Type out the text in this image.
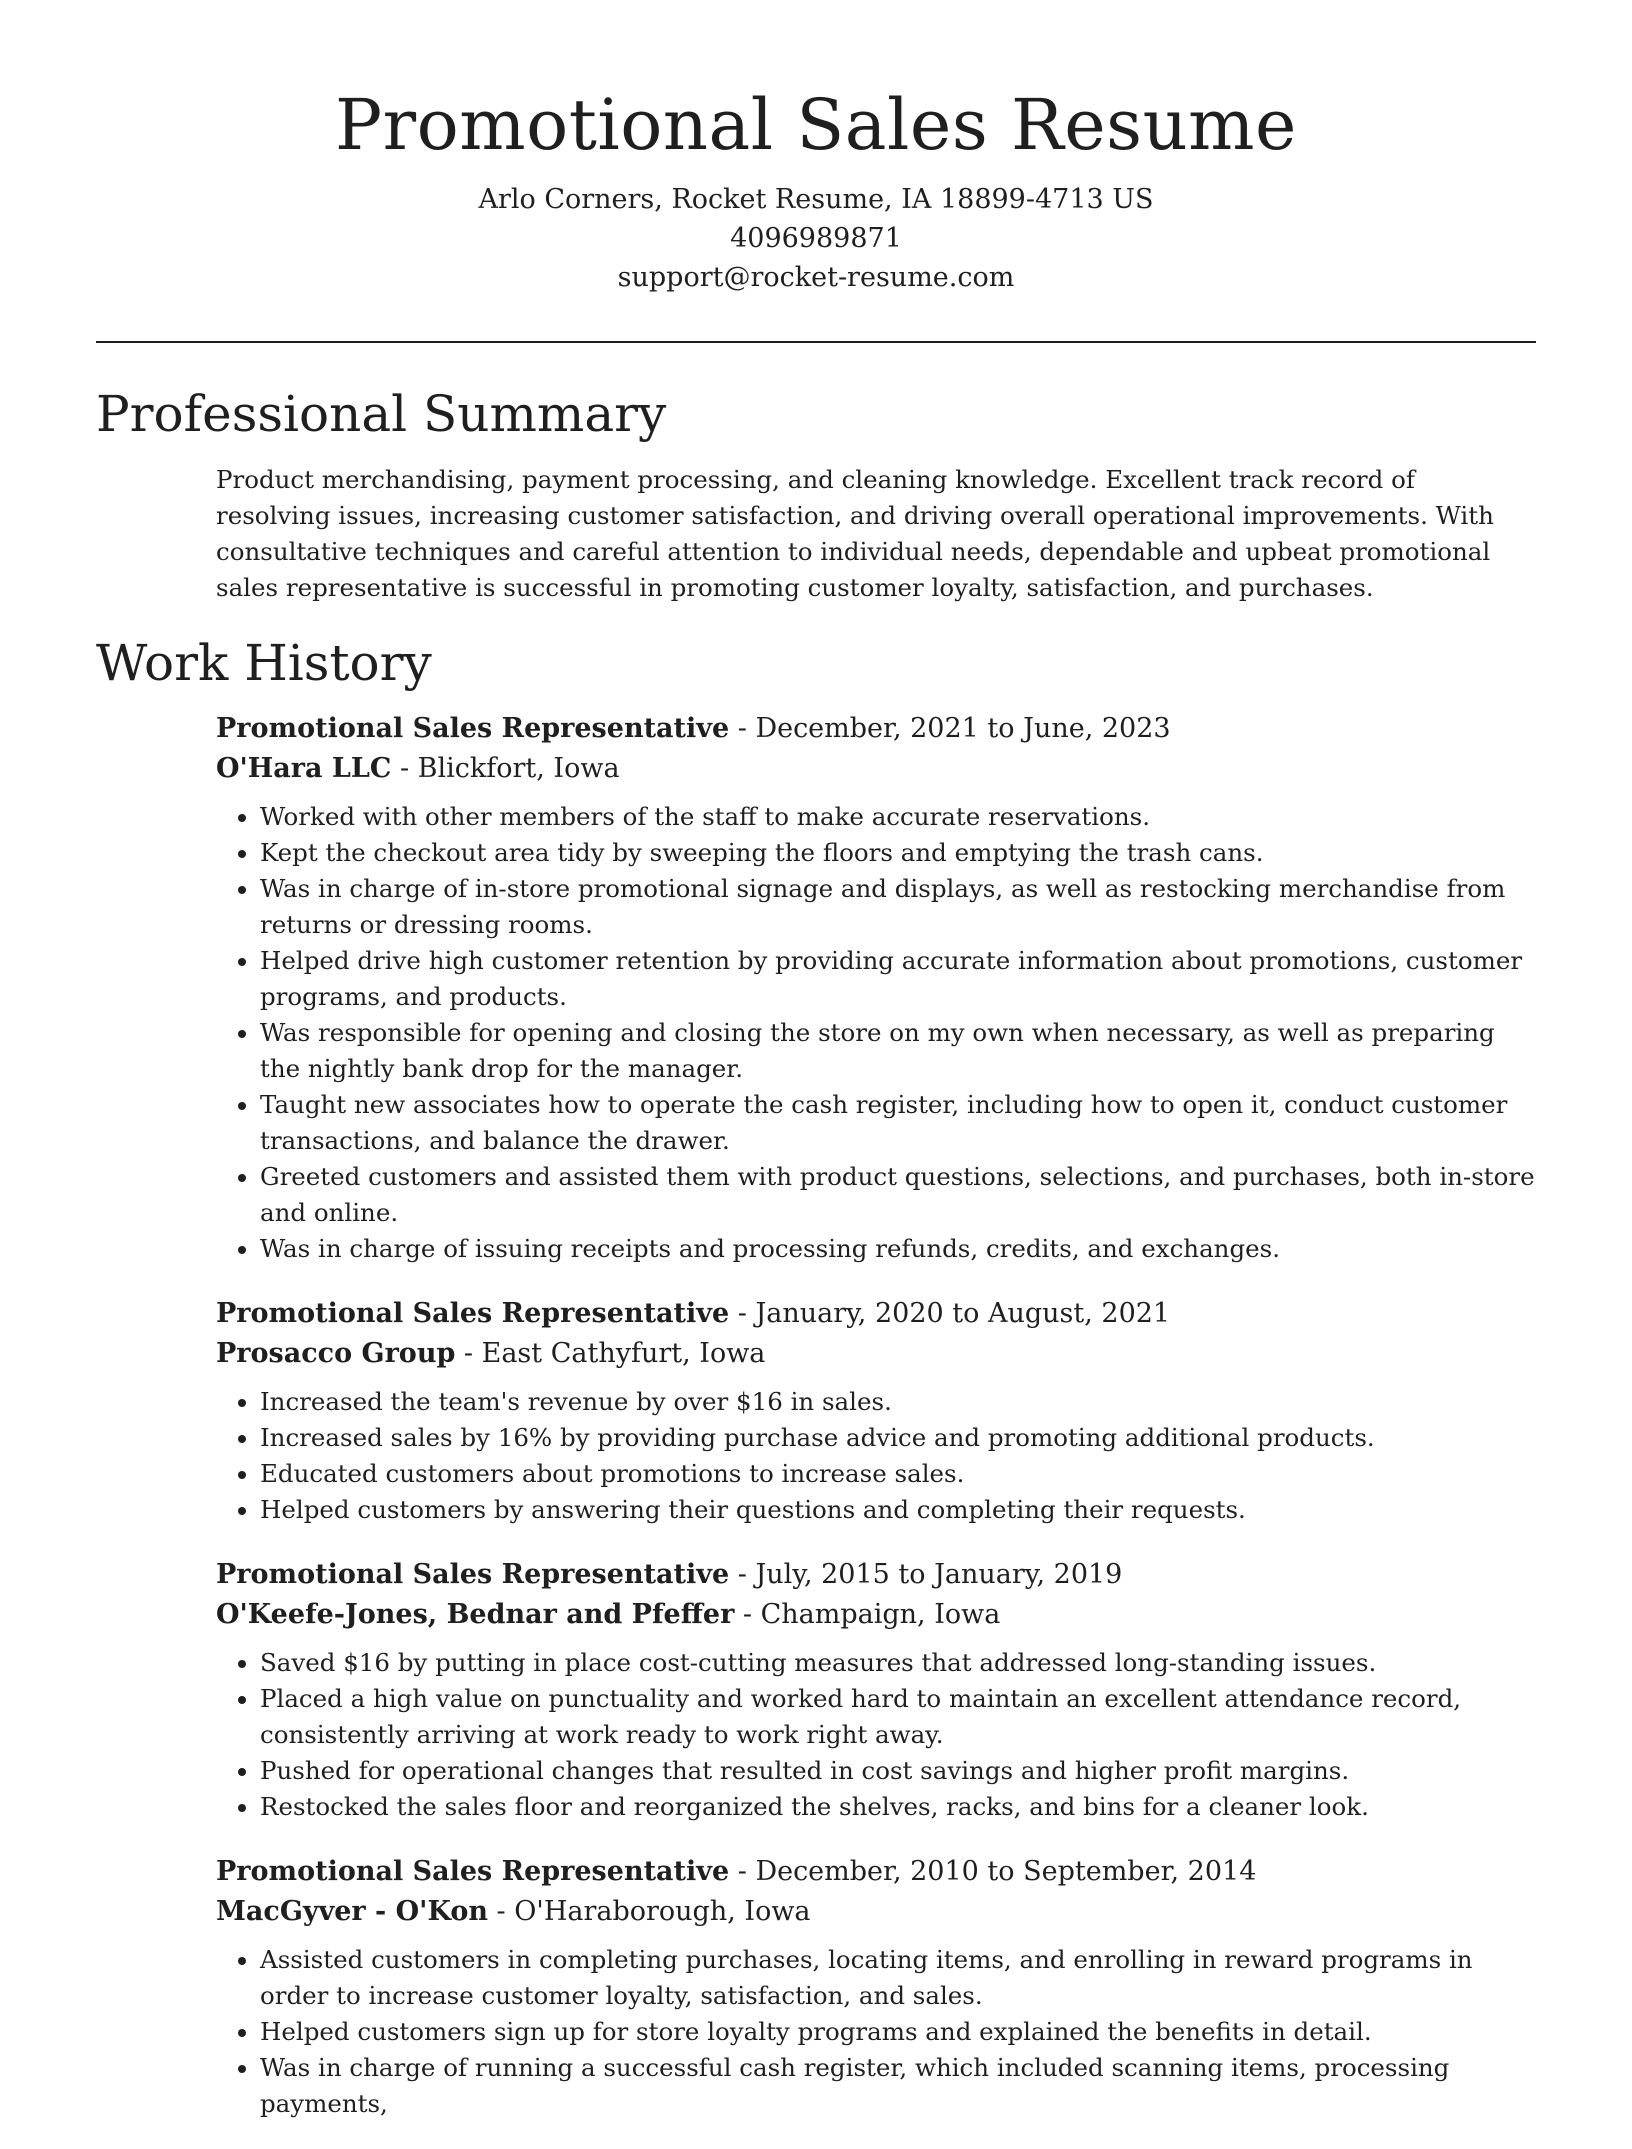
Promotional Sales Resume
Arlo Corners, Rocket Resume, IA 18899-4713 US
4096989871
support@rocket-resume.com
Professional Summary

Product merchandising, payment processing, and cleaning knowledge. Excellent track record of resolving issues, increasing customer satisfaction, and driving overall operational improvements. With consultative techniques and careful attention to individual needs, dependable and upbeat promotional sales representative is successful in promoting customer loyalty, satisfaction, and purchases.

Work History
Promotional Sales Representative - December, 2021 to June, 2023
O'Hara LLC - Blickfort, Iowa
• Worked with other members of the staff to make accurate reservations.
• Kept the checkout area tidy by sweeping the floors and emptying the trash cans.
• Was in charge of in-store promotional signage and displays, as well as restocking merchandise from returns or dressing rooms.
• Helped drive high customer retention by providing accurate information about promotions, customer programs, and products.
• Was responsible for opening and closing the store on my own when necessary, as well as preparing the nightly bank drop for the manager.
• Taught new associates how to operate the cash register, including how to open it, conduct customer transactions, and balance the drawer.
• Greeted customers and assisted them with product questions, selections, and purchases, both in-store and online.
• Was in charge of issuing receipts and processing refunds, credits, and exchanges.
Promotional Sales Representative - January, 2020 to August, 2021
Prosacco Group - East Cathyfurt, Iowa
• Increased the team's revenue by over $16 in sales.
• Increased sales by 16% by providing purchase advice and promoting additional products.
• Educated customers about promotions to increase sales.
• Helped customers by answering their questions and completing their requests.
Promotional Sales Representative - July, 2015 to January, 2019
O'Keefe-Jones, Bednar and Pfeffer - Champaign, Iowa
• Saved $16 by putting in place cost-cutting measures that addressed long-standing issues.
• Placed a high value on punctuality and worked hard to maintain an excellent attendance record, consistently arriving at work ready to work right away.
• Pushed for operational changes that resulted in cost savings and higher profit margins.
• Restocked the sales floor and reorganized the shelves, racks, and bins for a cleaner look.
Promotional Sales Representative - December, 2010 to September, 2014
MacGyver - O'Kon - O'Haraborough, Iowa
• Assisted customers in completing purchases, locating items, and enrolling in reward programs in order to increase customer loyalty, satisfaction, and sales.
• Helped customers sign up for store loyalty programs and explained the benefits in detail.
• Was in charge of running a successful cash register, which included scanning items, processing payments,
